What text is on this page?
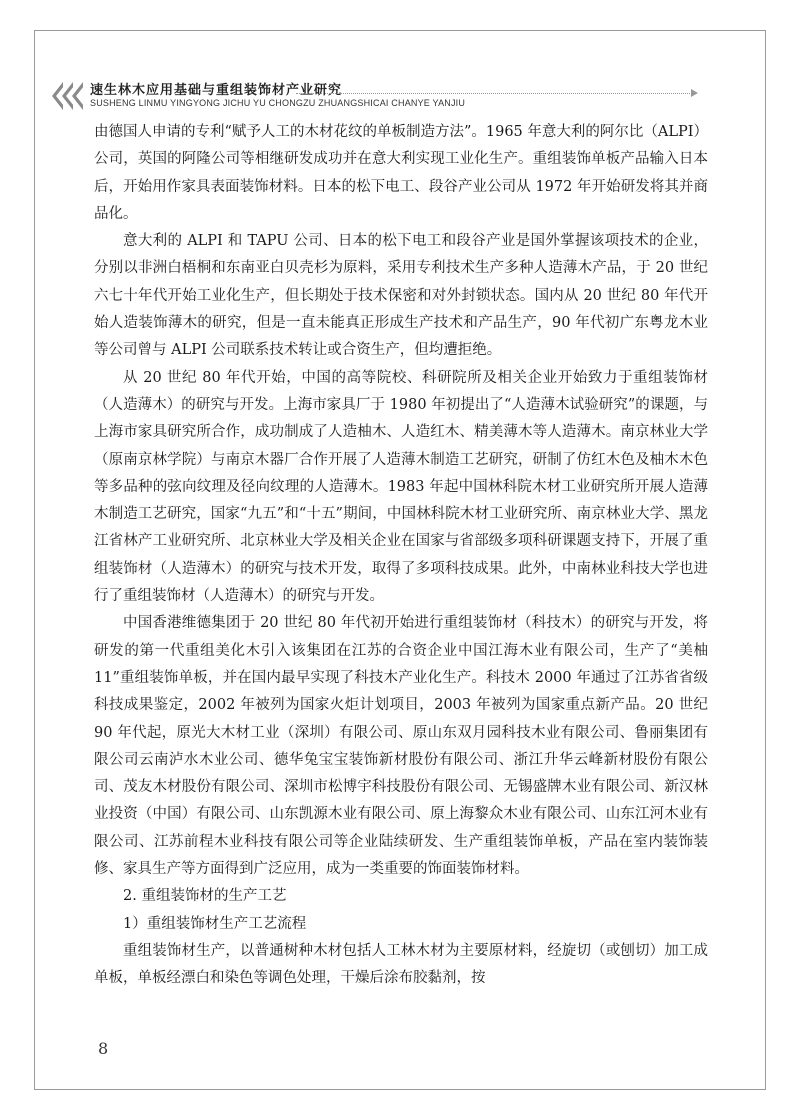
速生林木应用基础与重组装饰材产业研究
SUSHENG LINMU YINGYONG JICHU YU CHONGZU ZHUANGSHICAI CHANYE YANJIU

由德国人申请的专利“赋予人工的木材花纹的单板制造方法”。1965 年意大利的阿尔比（ALPI）公司，英国的阿隆公司等相继研发成功并在意大利实现工业化生产。重组装饰单板产品输入日本后，开始用作家具表面装饰材料。日本的松下电工、段谷产业公司从 1972 年开始研发将其并商品化。

意大利的 ALPI 和 TAPU 公司、日本的松下电工和段谷产业是国外掌握该项技术的企业，分别以非洲白梧桐和东南亚白贝壳杉为原料，采用专利技术生产多种人造薄木产品，于 20 世纪六七十年代开始工业化生产，但长期处于技术保密和对外封锁状态。国内从 20 世纪 80 年代开始人造装饰薄木的研究，但是一直未能真正形成生产技术和产品生产，90 年代初广东粤龙木业等公司曾与 ALPI 公司联系技术转让或合资生产，但均遭拒绝。

从 20 世纪 80 年代开始，中国的高等院校、科研院所及相关企业开始致力于重组装饰材（人造薄木）的研究与开发。上海市家具厂于 1980 年初提出了“人造薄木试验研究”的课题，与上海市家具研究所合作，成功制成了人造柚木、人造红木、精美薄木等人造薄木。南京林业大学（原南京林学院）与南京木器厂合作开展了人造薄木制造工艺研究，研制了仿红木色及柚木木色等多品种的弦向纹理及径向纹理的人造薄木。1983 年起中国林科院木材工业研究所开展人造薄木制造工艺研究，国家“九五”和“十五”期间，中国林科院木材工业研究所、南京林业大学、黑龙江省林产工业研究所、北京林业大学及相关企业在国家与省部级多项科研课题支持下，开展了重组装饰材（人造薄木）的研究与技术开发，取得了多项科技成果。此外，中南林业科技大学也进行了重组装饰材（人造薄木）的研究与开发。

中国香港维德集团于 20 世纪 80 年代初开始进行重组装饰材（科技木）的研究与开发，将研发的第一代重组美化木引入该集团在江苏的合资企业中国江海木业有限公司，生产了“美柚 11”重组装饰单板，并在国内最早实现了科技木产业化生产。科技木 2000 年通过了江苏省省级科技成果鉴定，2002 年被列为国家火炬计划项目，2003 年被列为国家重点新产品。20 世纪 90 年代起，原光大木材工业（深圳）有限公司、原山东双月园科技木业有限公司、鲁丽集团有限公司云南泸水木业公司、德华兔宝宝装饰新材股份有限公司、浙江升华云峰新材股份有限公司、茂友木材股份有限公司、深圳市松博宇科技股份有限公司、无锡盛牌木业有限公司、新汉林业投资（中国）有限公司、山东凯源木业有限公司、原上海黎众木业有限公司、山东江河木业有限公司、江苏前程木业科技有限公司等企业陆续研发、生产重组装饰单板，产品在室内装饰装修、家具生产等方面得到广泛应用，成为一类重要的饰面装饰材料。

2. 重组装饰材的生产工艺

1）重组装饰材生产工艺流程

重组装饰材生产，以普通树种木材包括人工林木材为主要原材料，经旋切（或刨切）加工成单板，单板经漂白和染色等调色处理，干燥后涂布胶黏剂，按

8
